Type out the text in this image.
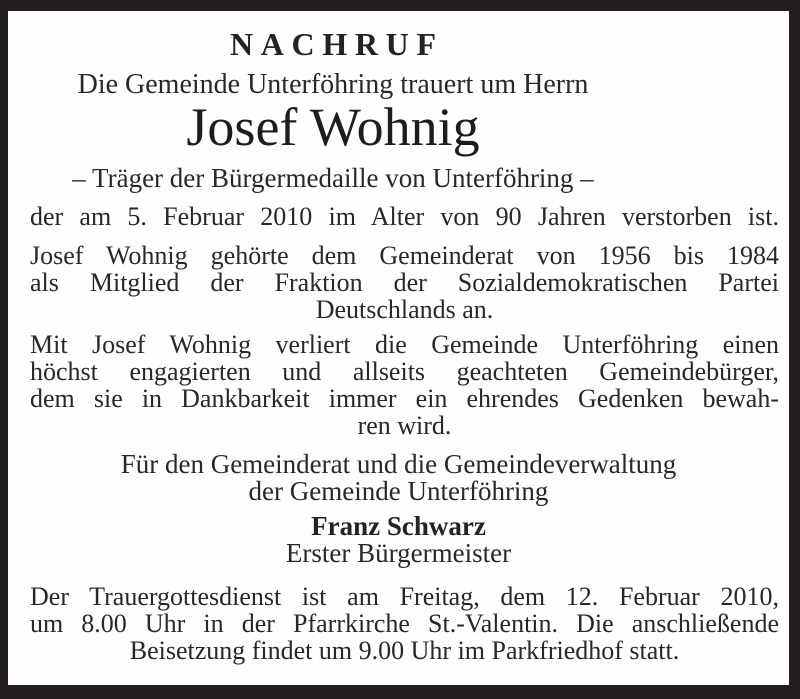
NACHRUF
Die Gemeinde Unterföhring trauert um Herrn
Josef Wohnig
– Träger der Bürgermedaille von Unterföhring –
der am 5. Februar 2010 im Alter von 90 Jahren verstorben ist.
Josef Wohnig gehörte dem Gemeinderat von 1956 bis 1984
als Mitglied der Fraktion der Sozialdemokratischen Partei
Deutschlands an.
Mit Josef Wohnig verliert die Gemeinde Unterföhring einen
höchst engagierten und allseits geachteten Gemeindebürger,
dem sie in Dankbarkeit immer ein ehrendes Gedenken bewah-
ren wird.
Für den Gemeinderat und die Gemeindeverwaltung
der Gemeinde Unterföhring
Franz Schwarz
Erster Bürgermeister
Der Trauergottesdienst ist am Freitag, dem 12. Februar 2010,
um 8.00 Uhr in der Pfarrkirche St.-Valentin. Die anschließende
Beisetzung findet um 9.00 Uhr im Parkfriedhof statt.
